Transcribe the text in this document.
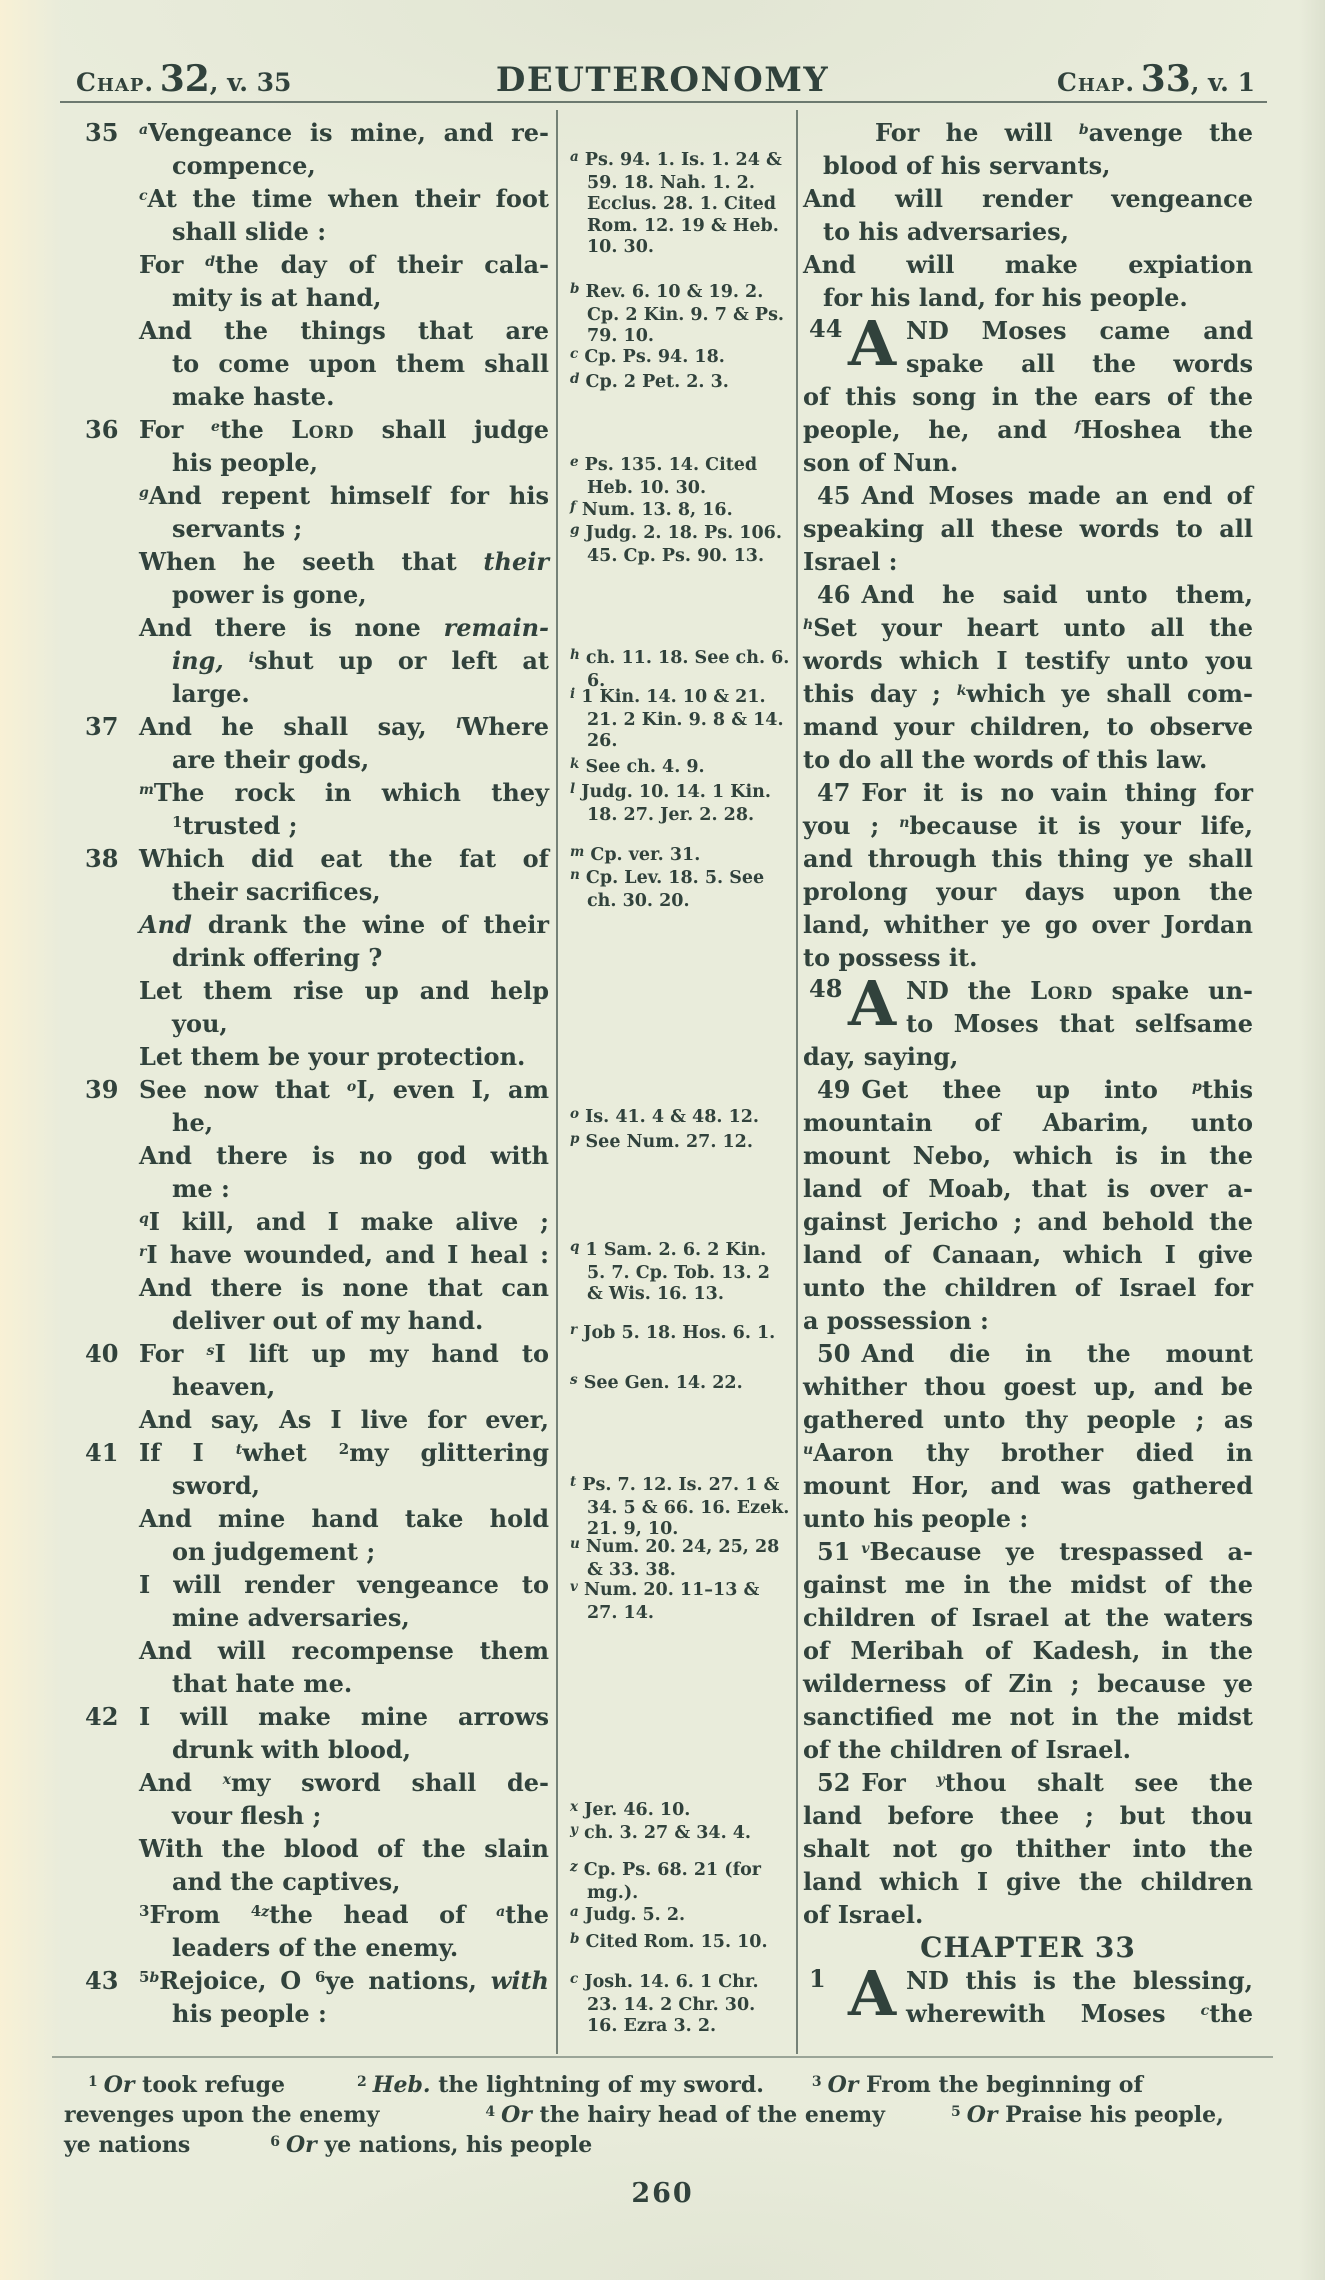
Chap. 32, v. 35	DEUTERONOMY	Chap. 33, v. 1
35 $^a$Vengeance is mine, and re-
compence,
$^c$At the time when their foot
shall slide :
For $^d$the day of their cala-
mity is at hand,
And the things that are
to come upon them shall
make haste.
36 For $^e$the Lord shall judge
his people,
$^g$And repent himself for his
servants ;
When he seeth that their
power is gone,
And there is none remain-
ing, $^i$shut up or left at
large.
37 And he shall say, $^l$Where
are their gods,
$^m$The rock in which they
$^1$trusted ;
38 Which did eat the fat of
their sacrifices,
And drank the wine of their
drink offering ?
Let them rise up and help
you,
Let them be your protection.
39 See now that $^o$I, even I, am
he,
And there is no god with
me :
$^q$I kill, and I make alive ;
$^r$I have wounded, and I heal :
And there is none that can
deliver out of my hand.
40 For $^s$I lift up my hand to
heaven,
And say, As I live for ever,
41 If I $^t$whet $^2$my glittering
sword,
And mine hand take hold
on judgement ;
I will render vengeance to
mine adversaries,
And will recompense them
that hate me.
42 I will make mine arrows
drunk with blood,
And $^x$my sword shall de-
vour flesh ;
With the blood of the slain
and the captives,
$^3$From $^{4z}$the head of $^a$the
leaders of the enemy.
43 $^{5b}$Rejoice, O $^6$ye nations, with
his people :
$^a$ Ps. 94. 1. Is. 1. 24 & 59. 18. Nah. 1. 2. Ecclus. 28. 1. Cited Rom. 12. 19 & Heb. 10. 30.
$^b$ Rev. 6. 10 & 19. 2. Cp. 2 Kin. 9. 7 & Ps. 79. 10.
$^c$ Cp. Ps. 94. 18.
$^d$ Cp. 2 Pet. 2. 3.
$^e$ Ps. 135. 14. Cited Heb. 10. 30.
$^f$ Num. 13. 8, 16.
$^g$ Judg. 2. 18. Ps. 106. 45. Cp. Ps. 90. 13.
$^h$ ch. 11. 18. See ch. 6. 6.
$^i$ 1 Kin. 14. 10 & 21. 21. 2 Kin. 9. 8 & 14. 26.
$^k$ See ch. 4. 9.
$^l$ Judg. 10. 14. 1 Kin. 18. 27. Jer. 2. 28.
$^m$ Cp. ver. 31.
$^n$ Cp. Lev. 18. 5. See ch. 30. 20.
$^o$ Is. 41. 4 & 48. 12.
$^p$ See Num. 27. 12.
$^q$ 1 Sam. 2. 6. 2 Kin. 5. 7. Cp. Tob. 13. 2 & Wis. 16. 13.
$^r$ Job 5. 18. Hos. 6. 1.
$^s$ See Gen. 14. 22.
$^t$ Ps. 7. 12. Is. 27. 1 & 34. 5 & 66. 16. Ezek. 21. 9, 10.
$^u$ Num. 20. 24, 25, 28 & 33. 38.
$^v$ Num. 20. 11–13 & 27. 14.
$^x$ Jer. 46. 10.
$^y$ ch. 3. 27 & 34. 4.
$^z$ Cp. Ps. 68. 21 (for mg.).
$^a$ Judg. 5. 2.
$^b$ Cited Rom. 15. 10.
$^c$ Josh. 14. 6. 1 Chr. 23. 14. 2 Chr. 30. 16. Ezra 3. 2.
For he will $^b$avenge the
blood of his servants,
And will render vengeance
to his adversaries,
And will make expiation
for his land, for his people.
44 A ND Moses came and
spake all the words
of this song in the ears of the
people, he, and $^f$Hoshea the
son of Nun.
45 And Moses made an end of
speaking all these words to all
Israel :
46 And he said unto them,
$^h$Set your heart unto all the
words which I testify unto you
this day ; $^k$which ye shall com-
mand your children, to observe
to do all the words of this law.
47 For it is no vain thing for
you ; $^n$because it is your life,
and through this thing ye shall
prolong your days upon the
land, whither ye go over Jordan
to possess it.
48 A ND the Lord spake un-
to Moses that selfsame
day, saying,
49 Get thee up into $^p$this
mountain of Abarim, unto
mount Nebo, which is in the
land of Moab, that is over a-
gainst Jericho ; and behold the
land of Canaan, which I give
unto the children of Israel for
a possession :
50 And die in the mount
whither thou goest up, and be
gathered unto thy people ; as
$^u$Aaron thy brother died in
mount Hor, and was gathered
unto his people :
51 $^v$Because ye trespassed a-
gainst me in the midst of the
children of Israel at the waters
of Meribah of Kadesh, in the
wilderness of Zin ; because ye
sanctified me not in the midst
of the children of Israel.
52 For $^y$thou shalt see the
land before thee ; but thou
shalt not go thither into the
land which I give the children
of Israel.
CHAPTER 33
1 A ND this is the blessing,
wherewith Moses $^c$the
$^1$ Or took refuge	$^2$ Heb. the lightning of my sword.	$^3$ Or From the beginning of
revenges upon the enemy	$^4$ Or the hairy head of the enemy	$^5$ Or Praise his people,
ye nations	$^6$ Or ye nations, his people
260
